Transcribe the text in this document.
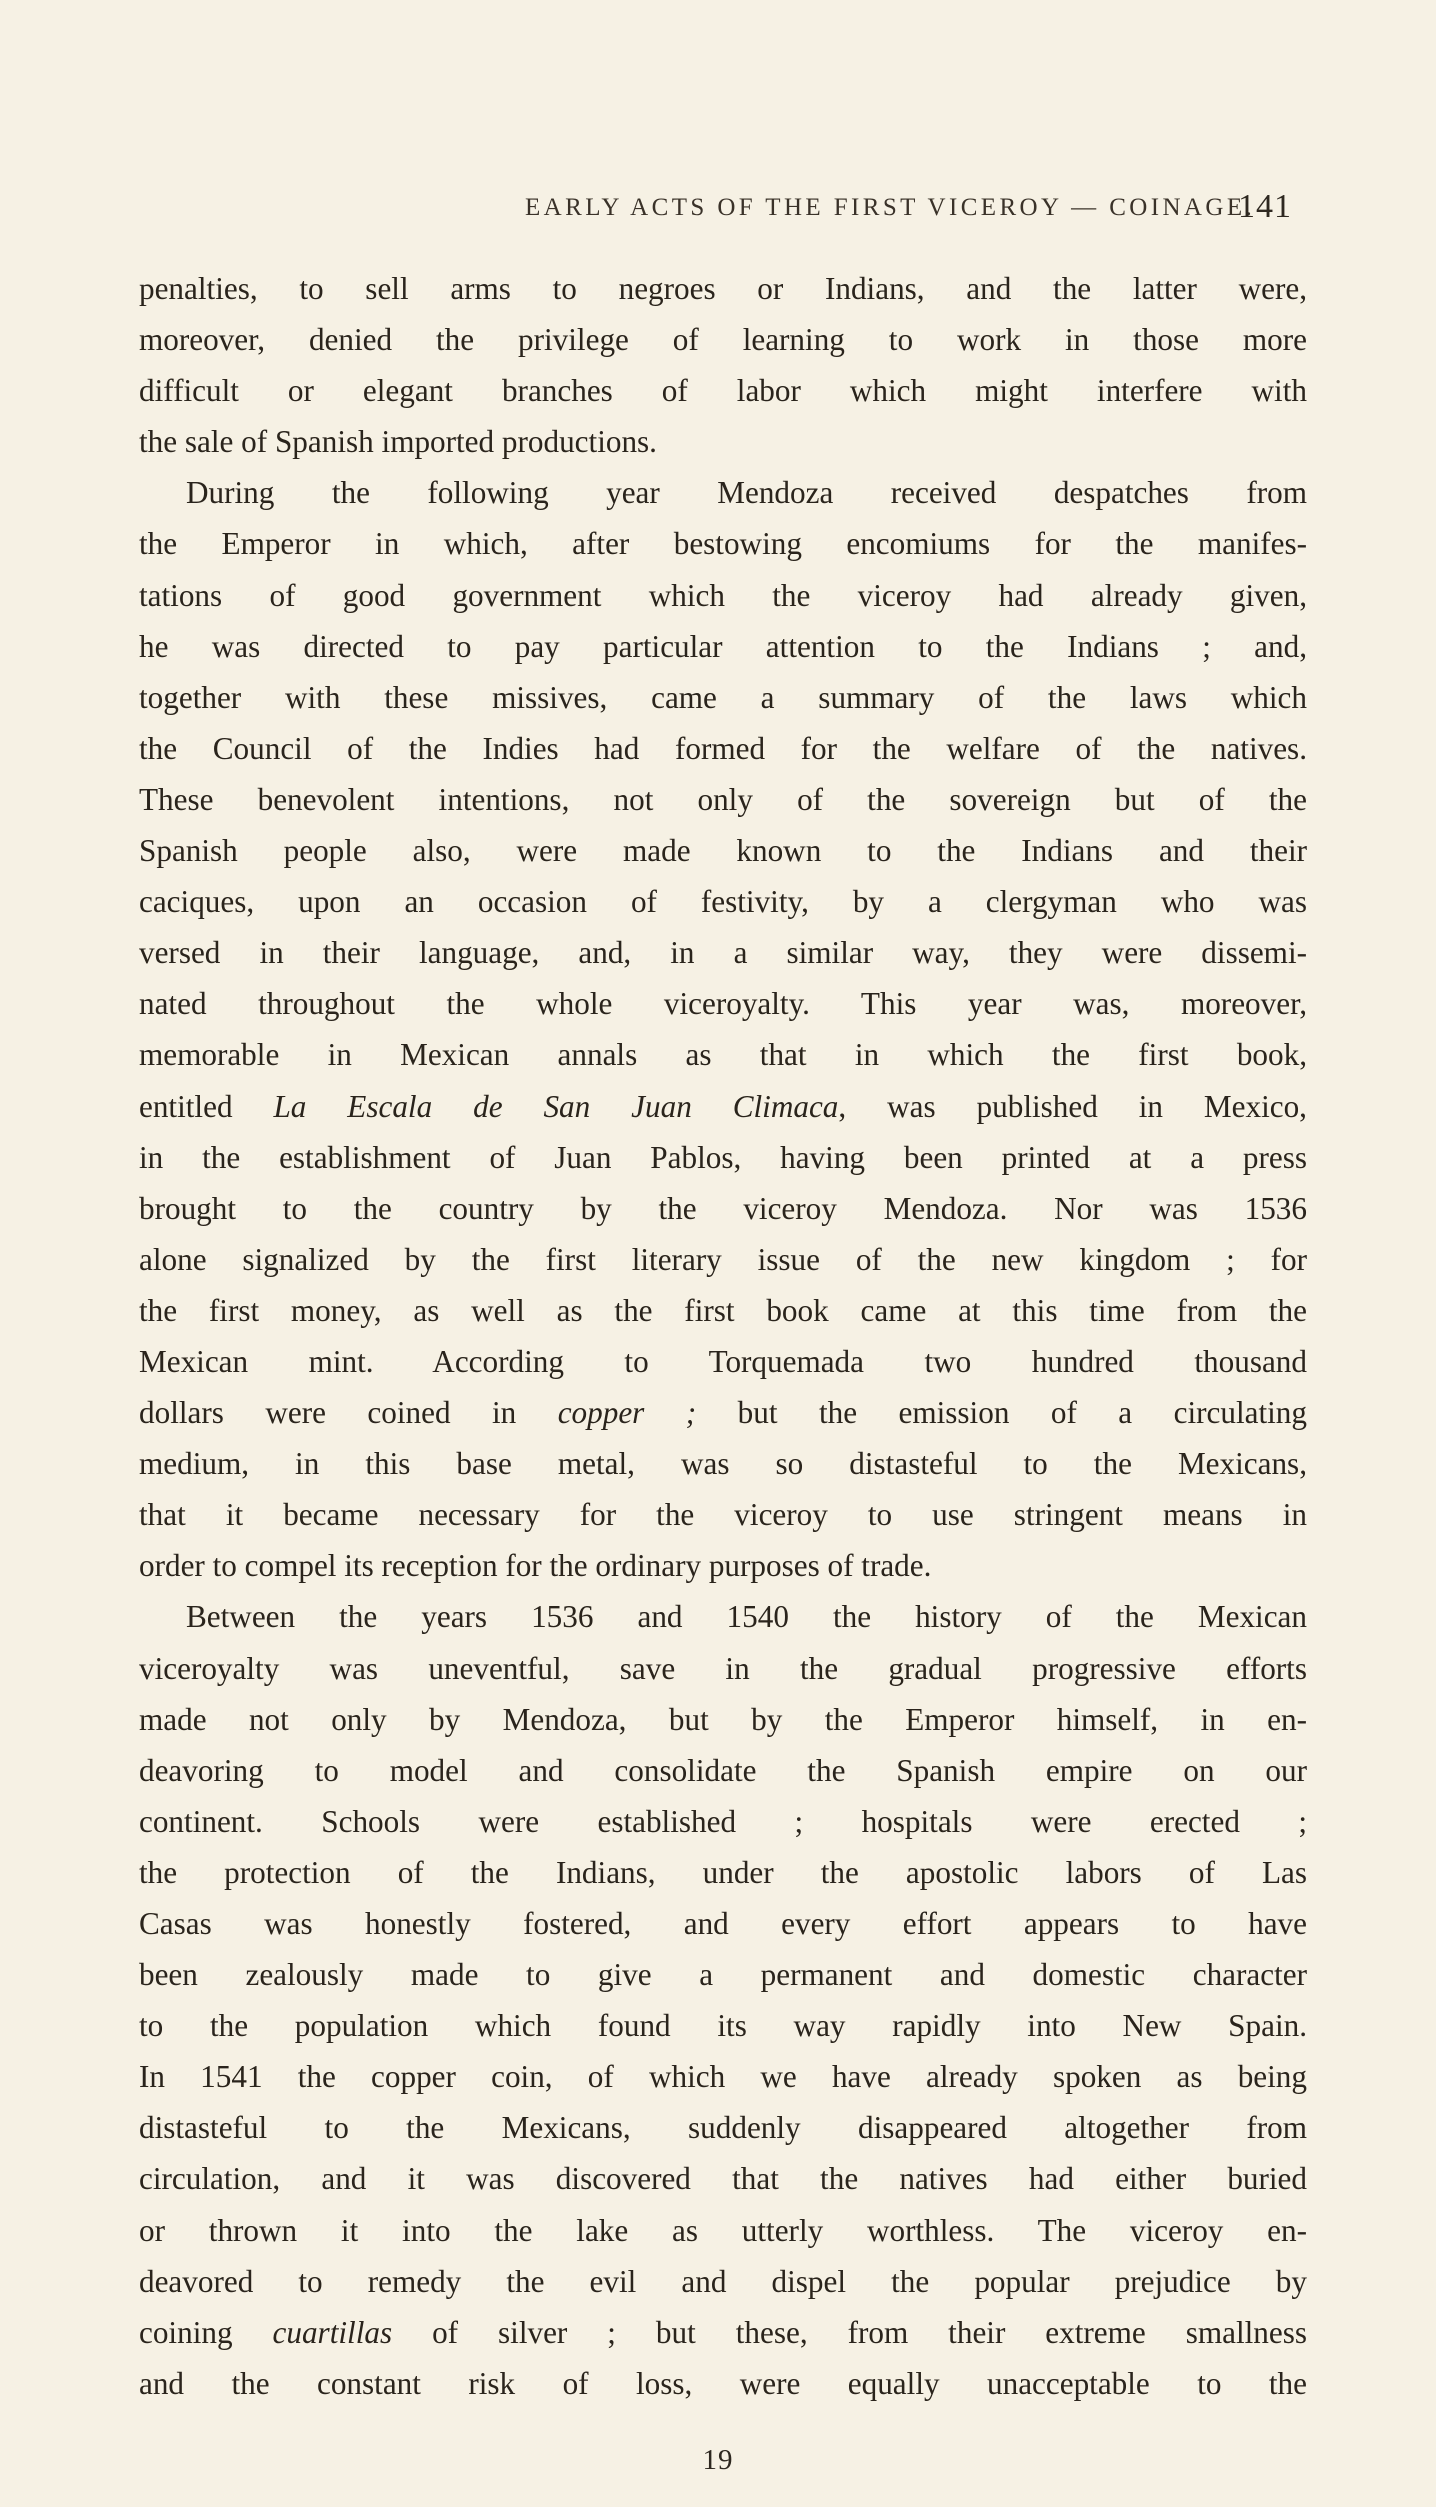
EARLY ACTS OF THE FIRST VICEROY — COINAGE.
141
penalties, to sell arms to negroes or Indians, and the latter were,
moreover, denied the privilege of learning to work in those more
difficult or elegant branches of labor which might interfere with
the sale of Spanish imported productions.
During the following year Mendoza received despatches from
the Emperor in which, after bestowing encomiums for the manifes-
tations of good government which the viceroy had already given,
he was directed to pay particular attention to the Indians ; and,
together with these missives, came a summary of the laws which
the Council of the Indies had formed for the welfare of the natives.
These benevolent intentions, not only of the sovereign but of the
Spanish people also, were made known to the Indians and their
caciques, upon an occasion of festivity, by a clergyman who was
versed in their language, and, in a similar way, they were dissemi-
nated throughout the whole viceroyalty. This year was, moreover,
memorable in Mexican annals as that in which the first book,
entitled La Escala de San Juan Climaca, was published in Mexico,
in the establishment of Juan Pablos, having been printed at a press
brought to the country by the viceroy Mendoza. Nor was 1536
alone signalized by the first literary issue of the new kingdom ; for
the first money, as well as the first book came at this time from the
Mexican mint. According to Torquemada two hundred thousand
dollars were coined in copper ; but the emission of a circulating
medium, in this base metal, was so distasteful to the Mexicans,
that it became necessary for the viceroy to use stringent means in
order to compel its reception for the ordinary purposes of trade.
Between the years 1536 and 1540 the history of the Mexican
viceroyalty was uneventful, save in the gradual progressive efforts
made not only by Mendoza, but by the Emperor himself, in en-
deavoring to model and consolidate the Spanish empire on our
continent. Schools were established ; hospitals were erected ;
the protection of the Indians, under the apostolic labors of Las
Casas was honestly fostered, and every effort appears to have
been zealously made to give a permanent and domestic character
to the population which found its way rapidly into New Spain.
In 1541 the copper coin, of which we have already spoken as being
distasteful to the Mexicans, suddenly disappeared altogether from
circulation, and it was discovered that the natives had either buried
or thrown it into the lake as utterly worthless. The viceroy en-
deavored to remedy the evil and dispel the popular prejudice by
coining cuartillas of silver ; but these, from their extreme smallness
and the constant risk of loss, were equally unacceptable to the
19
